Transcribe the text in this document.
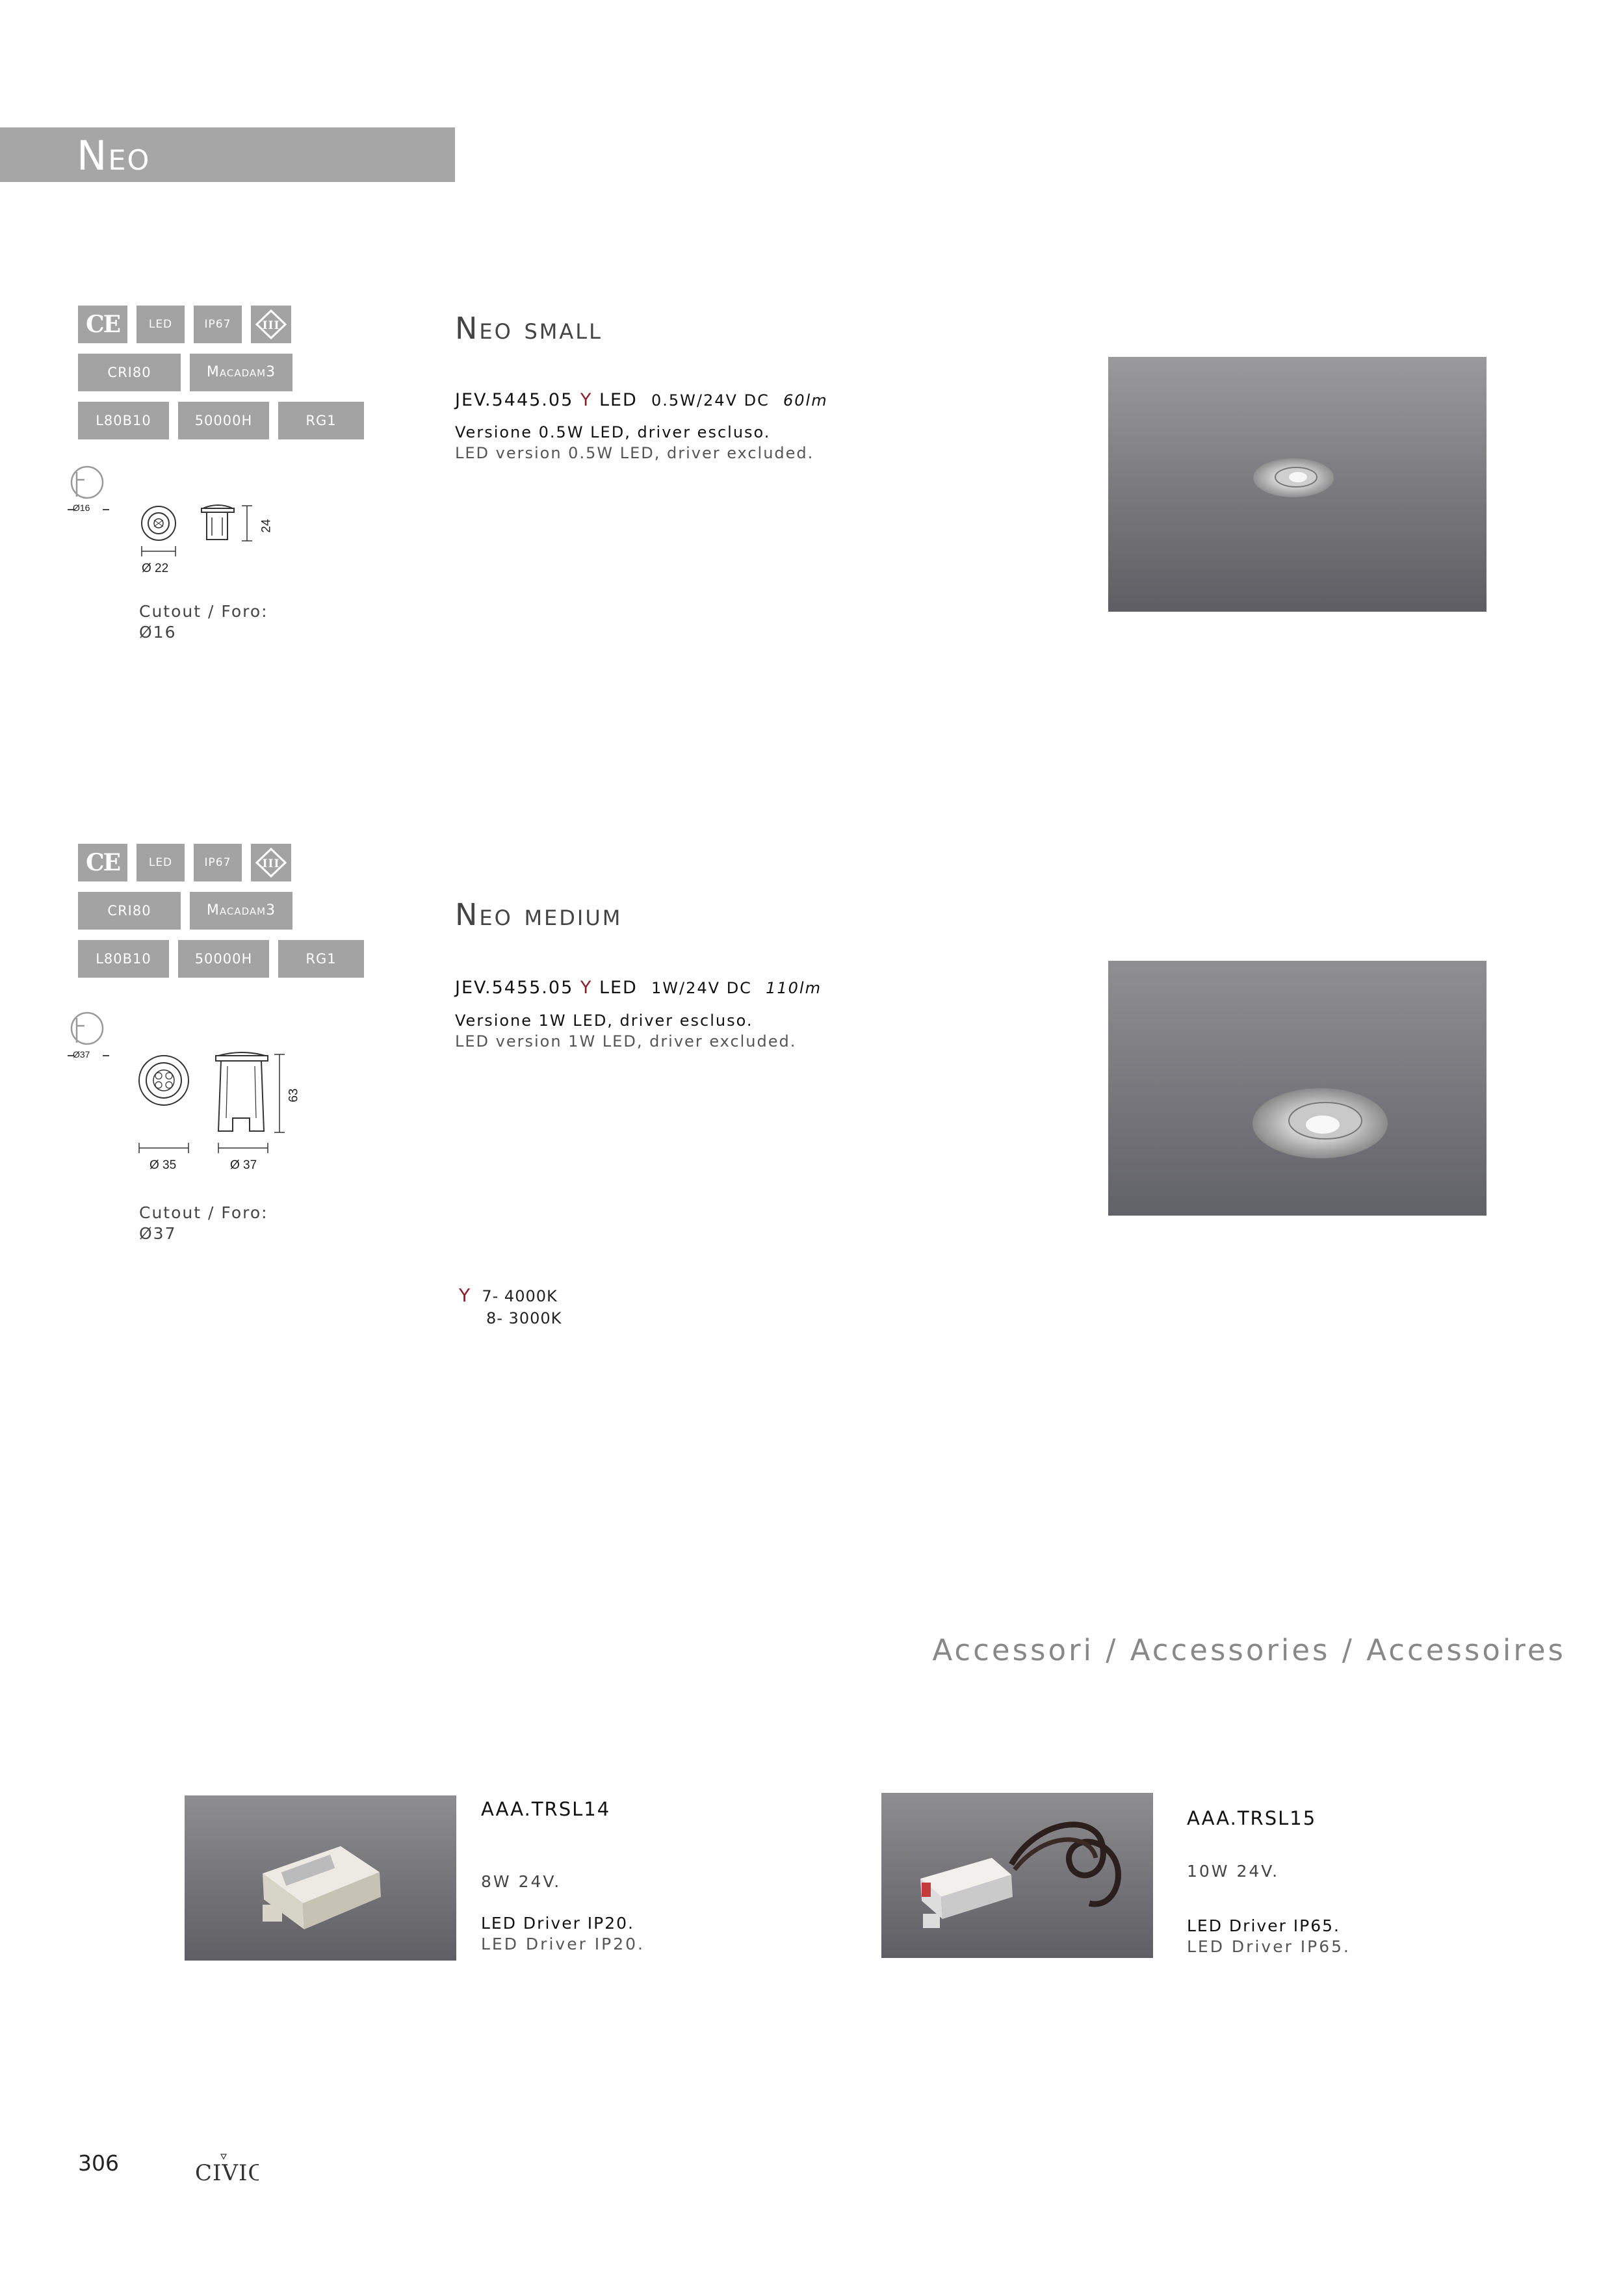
Neo
CE	LED	IP67	III
CRI80	Macadam3
L80B10	50000H	RG1
Ø16
Ø 22
24
Cutout / Foro:
Ø16
Neo small
JEV.5445.05 Y LED 0.5W/24V DC 60lm
Versione 0.5W LED, driver escluso.
LED version 0.5W LED, driver excluded.
CE	LED	IP67	III
CRI80	Macadam3
L80B10	50000H	RG1
Ø37
Ø 35	Ø 37
63
Cutout / Foro:
Ø37
Neo medium
JEV.5455.05 Y LED 1W/24V DC 110lm
Versione 1W LED, driver escluso.
LED version 1W LED, driver excluded.
Y 7- 4000K
8- 3000K
Accessori / Accessories / Accessoires
AAA.TRSL14
8W 24V.
LED Driver IP20.
LED Driver IP20.
AAA.TRSL15
10W 24V.
LED Driver IP65.
LED Driver IP65.
306	CIVIC
